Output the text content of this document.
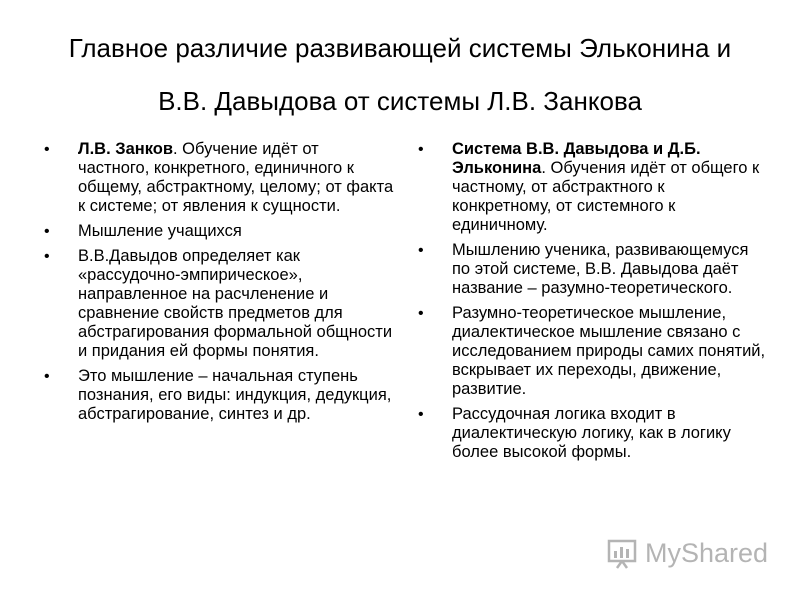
Главное различие развивающей системы Эльконина и
В.В. Давыдова от системы Л.В. Занкова
• Л.В. Занков. Обучение идёт от частного, конкретного, единичного к общему, абстрактному, целому; от факта к системе; от явления к сущности.
• Мышление учащихся
• В.В.Давыдов определяет как «рассудочно-эмпирическое», направленное на расчленение и сравнение свойств предметов для абстрагирования формальной общности и придания ей формы понятия.
• Это мышление – начальная ступень познания, его виды: индукция, дедукция, абстрагирование, синтез и др.
• Система В.В. Давыдова и Д.Б. Эльконина. Обучения идёт от общего к частному, от абстрактного к конкретному, от системного к единичному.
• Мышлению ученика, развивающемуся по этой системе, В.В. Давыдова даёт название – разумно-теоретического.
• Разумно-теоретическое мышление, диалектическое мышление связано с исследованием природы самих понятий, вскрывает их переходы, движение, развитие.
• Рассудочная логика входит в диалектическую логику, как в логику более высокой формы.
MyShared
